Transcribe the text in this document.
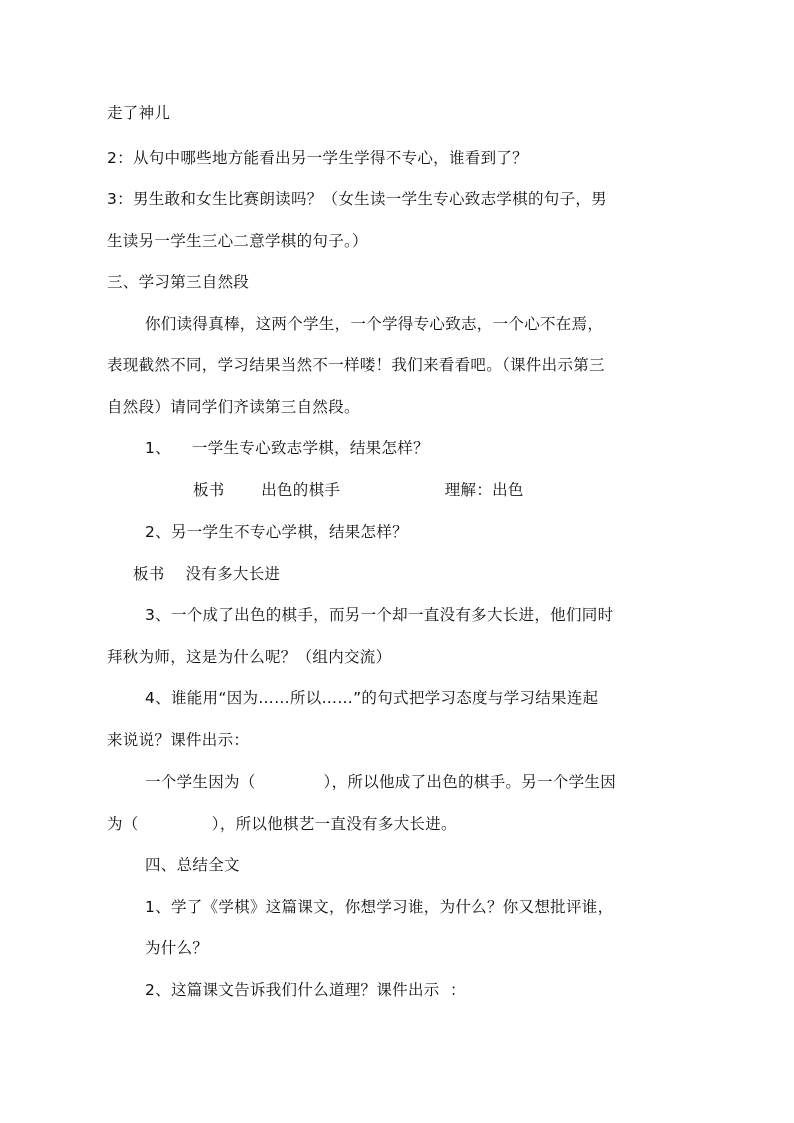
走了神儿
2：从句中哪些地方能看出另一学生学得不专心，谁看到了？
3：男生敢和女生比赛朗读吗？（女生读一学生专心致志学棋的句子，男
生读另一学生三心二意学棋的句子。）
三、学习第三自然段
你们读得真棒，这两个学生，一个学得专心致志，一个心不在焉，
表现截然不同，学习结果当然不一样喽！我们来看看吧。（课件出示第三
自然段）请同学们齐读第三自然段。
1、    一学生专心致志学棋，结果怎样？
板书       出色的棋手                    理解：出色
2、另一学生不专心学棋，结果怎样？
板书    没有多大长进
3、一个成了出色的棋手，而另一个却一直没有多大长进，他们同时
拜秋为师，这是为什么呢？（组内交流）
4、谁能用“因为……所以……”的句式把学习态度与学习结果连起
来说说？课件出示：
一个学生因为（             ），所以他成了出色的棋手。另一个学生因
为（              ），所以他棋艺一直没有多大长进。
四、总结全文
1、学了《学棋》这篇课文，你想学习谁，为什么？你又想批评谁，
为什么？
2、这篇课文告诉我们什么道理？课件出示  ：
